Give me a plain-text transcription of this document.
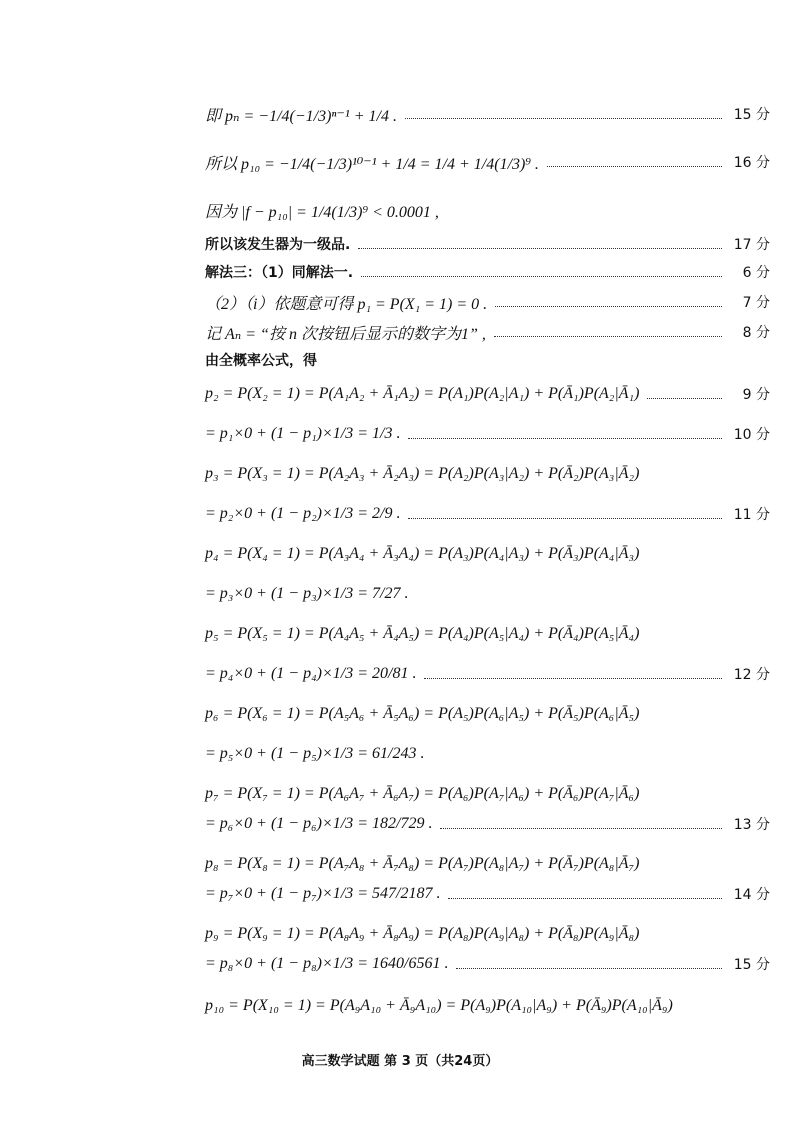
即 pₙ = −1/4(−1/3)ⁿ⁻¹ + 1/4 .	15 分
所以 p₁₀ = −1/4(−1/3)¹⁰⁻¹ + 1/4 = 1/4 + 1/4(1/3)⁹ .	16 分
因为 |f − p₁₀| = 1/4(1/3)⁹ < 0.0001 ,
所以该发生器为一级品.	17 分
解法三：（1）同解法一.	6 分
（2）（i）依题意可得 p₁ = P(X₁ = 1) = 0 .	7 分
记 Aₙ = “按 n 次按钮后显示的数字为1” ,	8 分
由全概率公式，得
p₂ = P(X₂ = 1) = P(A₁A₂ + Ā₁A₂) = P(A₁)P(A₂|A₁) + P(Ā₁)P(A₂|Ā₁)	9 分
= p₁×0 + (1 − p₁)×1/3 = 1/3 .	10 分
p₃ = P(X₃ = 1) = P(A₂A₃ + Ā₂A₃) = P(A₂)P(A₃|A₂) + P(Ā₂)P(A₃|Ā₂)
= p₂×0 + (1 − p₂)×1/3 = 2/9 .	11 分
p₄ = P(X₄ = 1) = P(A₃A₄ + Ā₃A₄) = P(A₃)P(A₄|A₃) + P(Ā₃)P(A₄|Ā₃)
= p₃×0 + (1 − p₃)×1/3 = 7/27 .
p₅ = P(X₅ = 1) = P(A₄A₅ + Ā₄A₅) = P(A₄)P(A₅|A₄) + P(Ā₄)P(A₅|Ā₄)
= p₄×0 + (1 − p₄)×1/3 = 20/81 .	12 分
p₆ = P(X₆ = 1) = P(A₅A₆ + Ā₅A₆) = P(A₅)P(A₆|A₅) + P(Ā₅)P(A₆|Ā₅)
= p₅×0 + (1 − p₅)×1/3 = 61/243 .
p₇ = P(X₇ = 1) = P(A₆A₇ + Ā₆A₇) = P(A₆)P(A₇|A₆) + P(Ā₆)P(A₇|Ā₆)
= p₆×0 + (1 − p₆)×1/3 = 182/729 .	13 分
p₈ = P(X₈ = 1) = P(A₇A₈ + Ā₇A₈) = P(A₇)P(A₈|A₇) + P(Ā₇)P(A₈|Ā₇)
= p₇×0 + (1 − p₇)×1/3 = 547/2187 .	14 分
p₉ = P(X₉ = 1) = P(A₈A₉ + Ā₈A₉) = P(A₈)P(A₉|A₈) + P(Ā₈)P(A₉|Ā₈)
= p₈×0 + (1 − p₈)×1/3 = 1640/6561 .	15 分
p₁₀ = P(X₁₀ = 1) = P(A₉A₁₀ + Ā₉A₁₀) = P(A₉)P(A₁₀|A₉) + P(Ā₉)P(A₁₀|Ā₉)
高三数学试题 第 3 页（共24页）
